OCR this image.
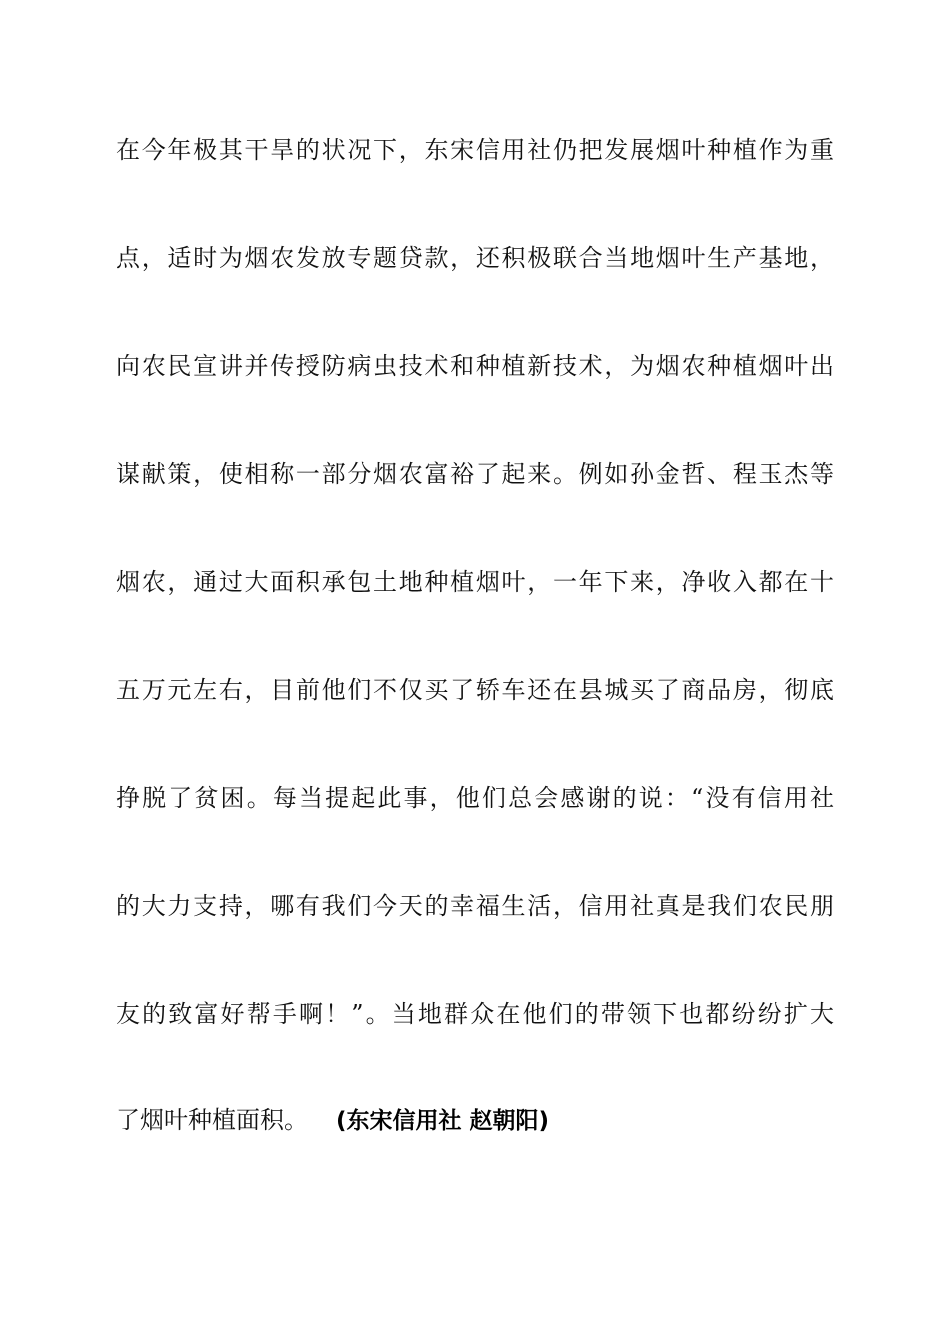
在今年极其干旱的状况下，东宋信用社仍把发展烟叶种植作为重
点，适时为烟农发放专题贷款，还积极联合当地烟叶生产基地，
向农民宣讲并传授防病虫技术和种植新技术，为烟农种植烟叶出
谋献策，使相称一部分烟农富裕了起来。例如孙金哲、程玉杰等
烟农，通过大面积承包土地种植烟叶，一年下来，净收入都在十
五万元左右，目前他们不仅买了轿车还在县城买了商品房，彻底
挣脱了贫困。每当提起此事，他们总会感谢的说：“没有信用社
的大力支持，哪有我们今天的幸福生活，信用社真是我们农民朋
友的致富好帮手啊！”。当地群众在他们的带领下也都纷纷扩大
了烟叶种植面积。 (东宋信用社 赵朝阳)
